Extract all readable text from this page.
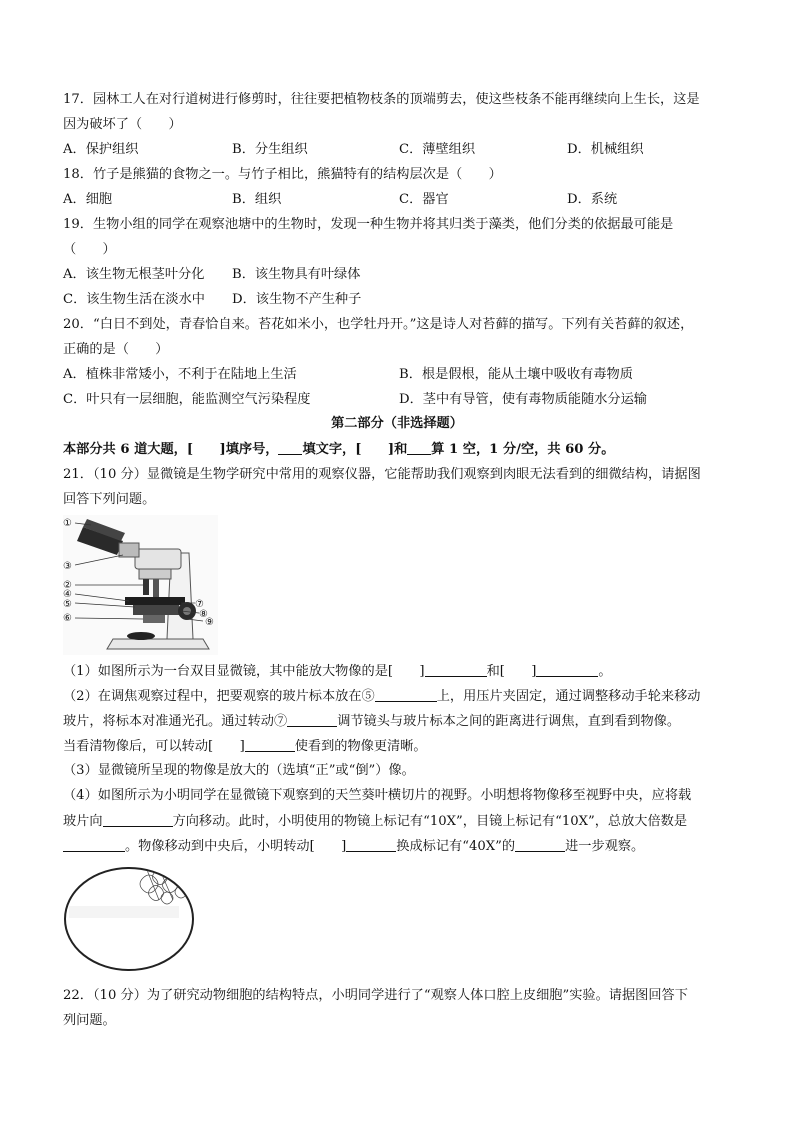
17．园林工人在对行道树进行修剪时，往往要把植物枝条的顶端剪去，使这些枝条不能再继续向上生长，这是
因为破坏了（　　）
A．保护组织	B．分生组织	C．薄壁组织	D．机械组织
18．竹子是熊猫的食物之一。与竹子相比，熊猫特有的结构层次是（　　）
A．细胞	B．组织	C．器官	D．系统
19．生物小组的同学在观察池塘中的生物时，发现一种生物并将其归类于藻类，他们分类的依据最可能是
（　　）
A．该生物无根茎叶分化 B．该生物具有叶绿体
C．该生物生活在淡水中 D．该生物不产生种子
20．“白日不到处，青春恰自来。苔花如米小，也学牡丹开。”这是诗人对苔藓的描写。下列有关苔藓的叙述，
正确的是（　　）
A．植株非常矮小，不利于在陆地上生活	B．根是假根，能从土壤中吸收有毒物质
C．叶只有一层细胞，能监测空气污染程度	D．茎中有导管，使有毒物质能随水分运输
第二部分（非选择题）
本部分共 6 道大题，[　　]填序号， 填文字，[　　]和 算 1 空，1 分/空，共 60 分。
21．（10 分）显微镜是生物学研究中常用的观察仪器，它能帮助我们观察到肉眼无法看到的细微结构，请据图
回答下列问题。
①
②
③
④
⑤
⑥
⑦
⑧
⑨
（1）如图所示为一台双目显微镜，其中能放大物像的是[　　]	和[　　]	。
（2）在调焦观察过程中，把要观察的玻片标本放在⑤	上，用压片夹固定，通过调整移动手轮来移动
玻片，将标本对准通光孔。通过转动⑦	调节镜头与玻片标本之间的距离进行调焦，直到看到物像。
当看清物像后，可以转动[　　]	使看到的物像更清晰。
（3）显微镜所呈现的物像是放大的（选填“正”或“倒”）像。
（4）如图所示为小明同学在显微镜下观察到的天竺葵叶横切片的视野。小明想将物像移至视野中央，应将载
玻片向	方向移动。此时，小明使用的物镜上标记有“10X”，目镜上标记有“10X”，总放大倍数是
。物像移动到中央后，小明转动[　　]	换成标记有“40X”的	进一步观察。
22．（10 分）为了研究动物细胞的结构特点，小明同学进行了“观察人体口腔上皮细胞”实验。请据图回答下
列问题。
